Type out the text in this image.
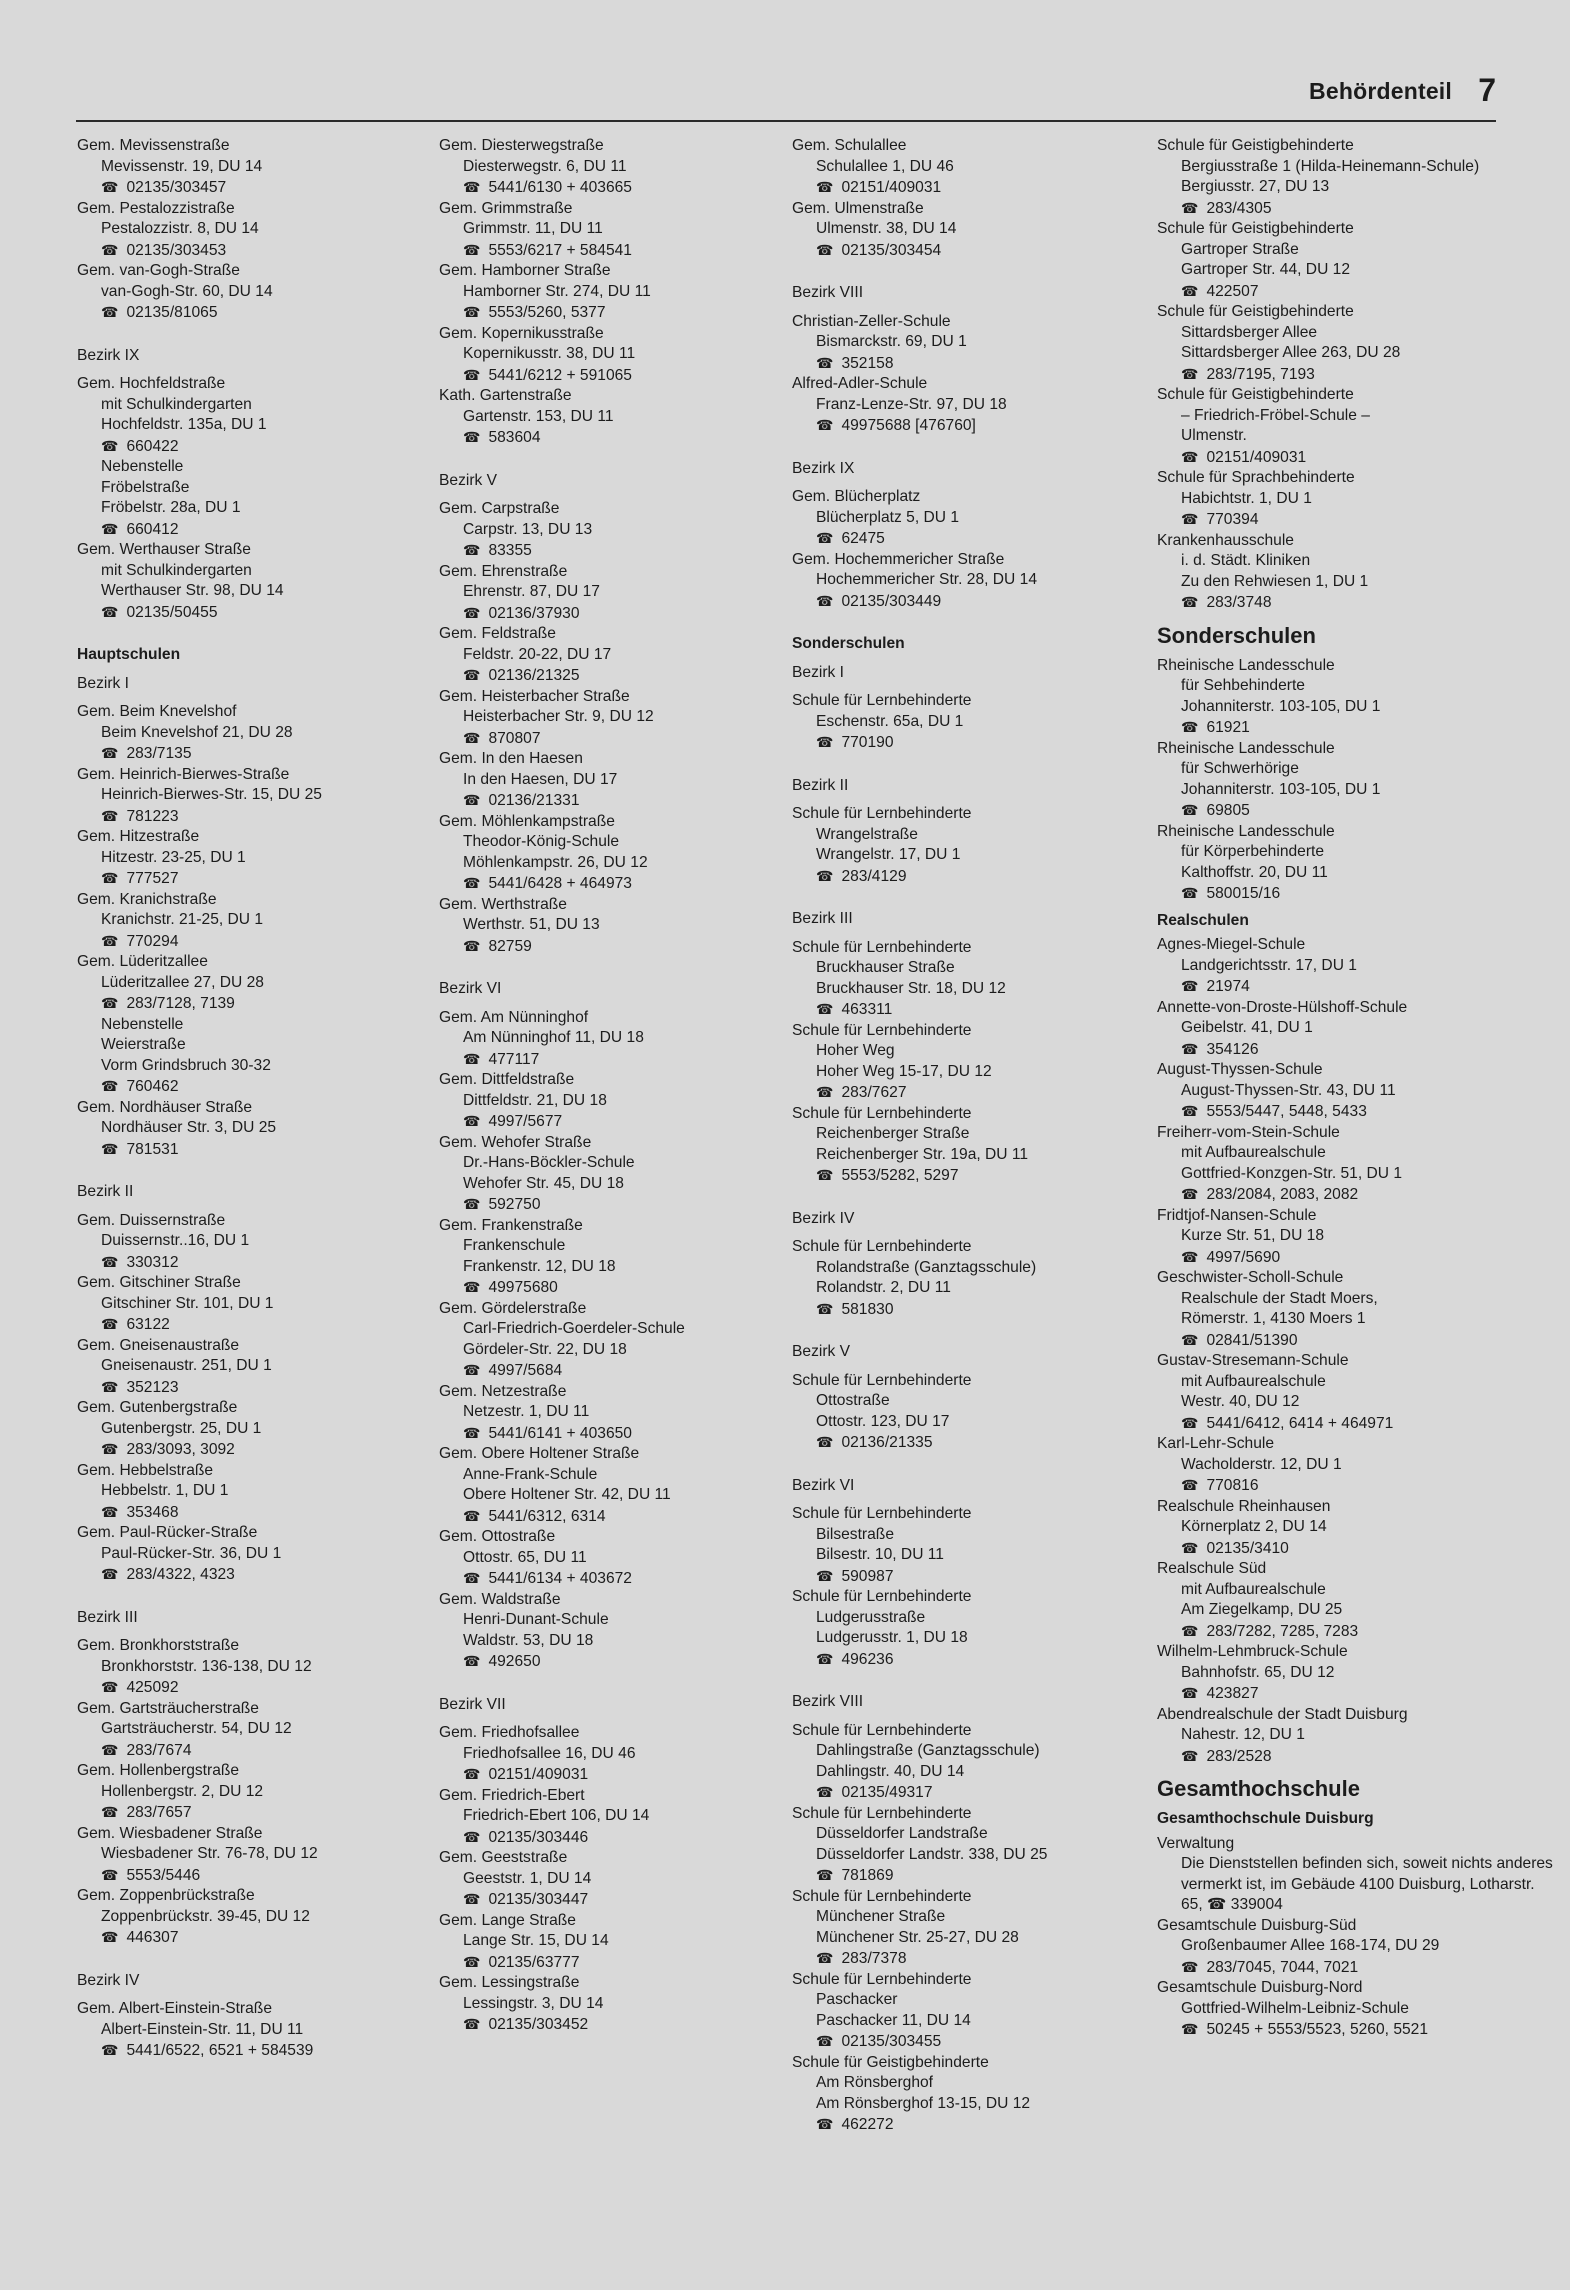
Behördenteil 7
Gem. Mevissenstraße
Mevissenstr. 19, DU 14
☎ 02135/303457
Gem. Pestalozzistraße
Pestalozzistr. 8, DU 14
☎ 02135/303453
Gem. van-Gogh-Straße
van-Gogh-Str. 60, DU 14
☎ 02135/81065
Bezirk IX
Gem. Hochfeldstraße
mit Schulkindergarten
Hochfeldstr. 135a, DU 1
☎ 660422
Nebenstelle
Fröbelstraße
Fröbelstr. 28a, DU 1
☎ 660412
Gem. Werthauser Straße
mit Schulkindergarten
Werthauser Str. 98, DU 14
☎ 02135/50455
Hauptschulen
Bezirk I
Gem. Beim Knevelshof
Beim Knevelshof 21, DU 28
☎ 283/7135
Gem. Heinrich-Bierwes-Straße
Heinrich-Bierwes-Str. 15, DU 25
☎ 781223
Gem. Hitzestraße
Hitzestr. 23-25, DU 1
☎ 777527
Gem. Kranichstraße
Kranichstr. 21-25, DU 1
☎ 770294
Gem. Lüderitzallee
Lüderitzallee 27, DU 28
☎ 283/7128, 7139
Nebenstelle
Weierstraße
Vorm Grindsbruch 30-32
☎ 760462
Gem. Nordhäuser Straße
Nordhäuser Str. 3, DU 25
☎ 781531
Bezirk II
Gem. Duissernstraße
Duissernstr..16, DU 1
☎ 330312
Gem. Gitschiner Straße
Gitschiner Str. 101, DU 1
☎ 63122
Gem. Gneisenaustraße
Gneisenaustr. 251, DU 1
☎ 352123
Gem. Gutenbergstraße
Gutenbergstr. 25, DU 1
☎ 283/3093, 3092
Gem. Hebbelstraße
Hebbelstr. 1, DU 1
☎ 353468
Gem. Paul-Rücker-Straße
Paul-Rücker-Str. 36, DU 1
☎ 283/4322, 4323
Bezirk III
Gem. Bronkhorststraße
Bronkhorststr. 136-138, DU 12
☎ 425092
Gem. Gartsträucherstraße
Gartsträucherstr. 54, DU 12
☎ 283/7674
Gem. Hollenbergstraße
Hollenbergstr. 2, DU 12
☎ 283/7657
Gem. Wiesbadener Straße
Wiesbadener Str. 76-78, DU 12
☎ 5553/5446
Gem. Zoppenbrückstraße
Zoppenbrückstr. 39-45, DU 12
☎ 446307
Bezirk IV
Gem. Albert-Einstein-Straße
Albert-Einstein-Str. 11, DU 11
☎ 5441/6522, 6521 + 584539
Gem. Diesterwegstraße
Diesterwegstr. 6, DU 11
☎ 5441/6130 + 403665
Gem. Grimmstraße
Grimmstr. 11, DU 11
☎ 5553/6217 + 584541
Gem. Hamborner Straße
Hamborner Str. 274, DU 11
☎ 5553/5260, 5377
Gem. Kopernikusstraße
Kopernikusstr. 38, DU 11
☎ 5441/6212 + 591065
Kath. Gartenstraße
Gartenstr. 153, DU 11
☎ 583604
Bezirk V
Gem. Carpstraße
Carpstr. 13, DU 13
☎ 83355
Gem. Ehrenstraße
Ehrenstr. 87, DU 17
☎ 02136/37930
Gem. Feldstraße
Feldstr. 20-22, DU 17
☎ 02136/21325
Gem. Heisterbacher Straße
Heisterbacher Str. 9, DU 12
☎ 870807
Gem. In den Haesen
In den Haesen, DU 17
☎ 02136/21331
Gem. Möhlenkampstraße
Theodor-König-Schule
Möhlenkampstr. 26, DU 12
☎ 5441/6428 + 464973
Gem. Werthstraße
Werthstr. 51, DU 13
☎ 82759
Bezirk VI
Gem. Am Nünninghof
Am Nünninghof 11, DU 18
☎ 477117
Gem. Dittfeldstraße
Dittfeldstr. 21, DU 18
☎ 4997/5677
Gem. Wehofer Straße
Dr.-Hans-Böckler-Schule
Wehofer Str. 45, DU 18
☎ 592750
Gem. Frankenstraße
Frankenschule
Frankenstr. 12, DU 18
☎ 49975680
Gem. Gördelerstraße
Carl-Friedrich-Goerdeler-Schule
Gördeler-Str. 22, DU 18
☎ 4997/5684
Gem. Netzestraße
Netzestr. 1, DU 11
☎ 5441/6141 + 403650
Gem. Obere Holtener Straße
Anne-Frank-Schule
Obere Holtener Str. 42, DU 11
☎ 5441/6312, 6314
Gem. Ottostraße
Ottostr. 65, DU 11
☎ 5441/6134 + 403672
Gem. Waldstraße
Henri-Dunant-Schule
Waldstr. 53, DU 18
☎ 492650
Bezirk VII
Gem. Friedhofsallee
Friedhofsallee 16, DU 46
☎ 02151/409031
Gem. Friedrich-Ebert
Friedrich-Ebert 106, DU 14
☎ 02135/303446
Gem. Geeststraße
Geeststr. 1, DU 14
☎ 02135/303447
Gem. Lange Straße
Lange Str. 15, DU 14
☎ 02135/63777
Gem. Lessingstraße
Lessingstr. 3, DU 14
☎ 02135/303452
Gem. Schulallee
Schulallee 1, DU 46
☎ 02151/409031
Gem. Ulmenstraße
Ulmenstr. 38, DU 14
☎ 02135/303454
Bezirk VIII
Christian-Zeller-Schule
Bismarckstr. 69, DU 1
☎ 352158
Alfred-Adler-Schule
Franz-Lenze-Str. 97, DU 18
☎ 49975688 [476760]
Bezirk IX
Gem. Blücherplatz
Blücherplatz 5, DU 1
☎ 62475
Gem. Hochemmericher Straße
Hochemmericher Str. 28, DU 14
☎ 02135/303449
Sonderschulen
Bezirk I
Schule für Lernbehinderte
Eschenstr. 65a, DU 1
☎ 770190
Bezirk II
Schule für Lernbehinderte
Wrangelstraße
Wrangelstr. 17, DU 1
☎ 283/4129
Bezirk III
Schule für Lernbehinderte
Bruckhauser Straße
Bruckhauser Str. 18, DU 12
☎ 463311
Schule für Lernbehinderte
Hoher Weg
Hoher Weg 15-17, DU 12
☎ 283/7627
Schule für Lernbehinderte
Reichenberger Straße
Reichenberger Str. 19a, DU 11
☎ 5553/5282, 5297
Bezirk IV
Schule für Lernbehinderte
Rolandstraße (Ganztagsschule)
Rolandstr. 2, DU 11
☎ 581830
Bezirk V
Schule für Lernbehinderte
Ottostraße
Ottostr. 123, DU 17
☎ 02136/21335
Bezirk VI
Schule für Lernbehinderte
Bilsestraße
Bilsestr. 10, DU 11
☎ 590987
Schule für Lernbehinderte
Ludgerusstraße
Ludgerusstr. 1, DU 18
☎ 496236
Bezirk VIII
Schule für Lernbehinderte
Dahlingstraße (Ganztagsschule)
Dahlingstr. 40, DU 14
☎ 02135/49317
Schule für Lernbehinderte
Düsseldorfer Landstraße
Düsseldorfer Landstr. 338, DU 25
☎ 781869
Schule für Lernbehinderte
Münchener Straße
Münchener Str. 25-27, DU 28
☎ 283/7378
Schule für Lernbehinderte
Paschacker
Paschacker 11, DU 14
☎ 02135/303455
Schule für Geistigbehinderte
Am Rönsberghof
Am Rönsberghof 13-15, DU 12
☎ 462272
Schule für Geistigbehinderte
Bergiusstraße 1 (Hilda-Heinemann-Schule)
Bergiusstr. 27, DU 13
☎ 283/4305
Schule für Geistigbehinderte
Gartroper Straße
Gartroper Str. 44, DU 12
☎ 422507
Schule für Geistigbehinderte
Sittardsberger Allee
Sittardsberger Allee 263, DU 28
☎ 283/7195, 7193
Schule für Geistigbehinderte
– Friedrich-Fröbel-Schule –
Ulmenstr.
☎ 02151/409031
Schule für Sprachbehinderte
Habichtstr. 1, DU 1
☎ 770394
Krankenhausschule
i. d. Städt. Kliniken
Zu den Rehwiesen 1, DU 1
☎ 283/3748
Sonderschulen
Rheinische Landesschule
für Sehbehinderte
Johanniterstr. 103-105, DU 1
☎ 61921
Rheinische Landesschule
für Schwerhörige
Johanniterstr. 103-105, DU 1
☎ 69805
Rheinische Landesschule
für Körperbehinderte
Kalthoffstr. 20, DU 11
☎ 580015/16
Realschulen
Agnes-Miegel-Schule
Landgerichtsstr. 17, DU 1
☎ 21974
Annette-von-Droste-Hülshoff-Schule
Geibelstr. 41, DU 1
☎ 354126
August-Thyssen-Schule
August-Thyssen-Str. 43, DU 11
☎ 5553/5447, 5448, 5433
Freiherr-vom-Stein-Schule
mit Aufbaurealschule
Gottfried-Konzgen-Str. 51, DU 1
☎ 283/2084, 2083, 2082
Fridtjof-Nansen-Schule
Kurze Str. 51, DU 18
☎ 4997/5690
Geschwister-Scholl-Schule
Realschule der Stadt Moers,
Römerstr. 1, 4130 Moers 1
☎ 02841/51390
Gustav-Stresemann-Schule
mit Aufbaurealschule
Westr. 40, DU 12
☎ 5441/6412, 6414 + 464971
Karl-Lehr-Schule
Wacholderstr. 12, DU 1
☎ 770816
Realschule Rheinhausen
Körnerplatz 2, DU 14
☎ 02135/3410
Realschule Süd
mit Aufbaurealschule
Am Ziegelkamp, DU 25
☎ 283/7282, 7285, 7283
Wilhelm-Lehmbruck-Schule
Bahnhofstr. 65, DU 12
☎ 423827
Abendrealschule der Stadt Duisburg
Nahestr. 12, DU 1
☎ 283/2528
Gesamthochschule
Gesamthochschule Duisburg
Verwaltung
Die Dienststellen befinden sich, soweit nichts anderes vermerkt ist, im Gebäude 4100 Duisburg, Lotharstr. 65, ☎ 339004
Gesamtschule Duisburg-Süd
Großenbaumer Allee 168-174, DU 29
☎ 283/7045, 7044, 7021
Gesamtschule Duisburg-Nord
Gottfried-Wilhelm-Leibniz-Schule
☎ 50245 + 5553/5523, 5260, 5521
